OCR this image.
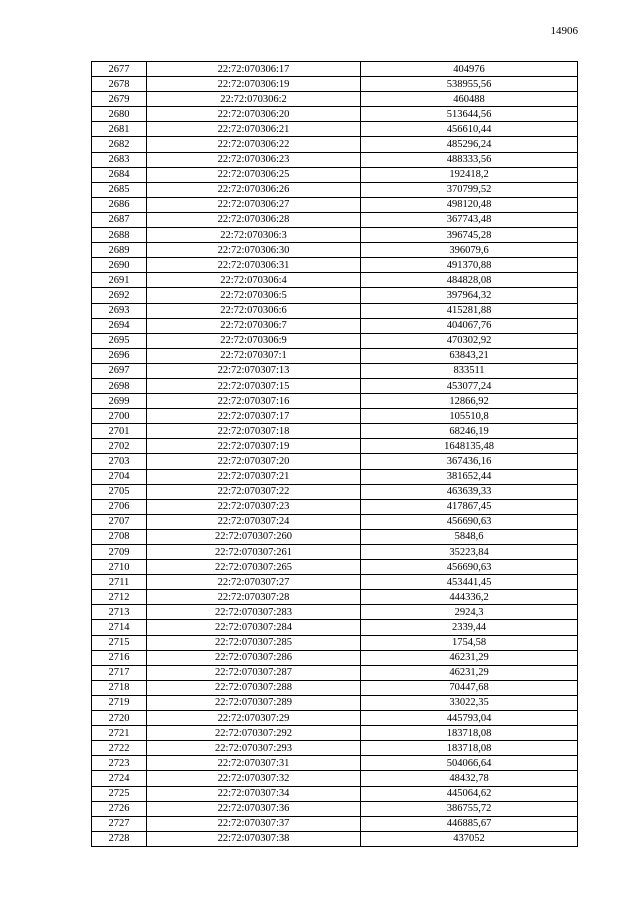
14906
2677	22:72:070306:17	404976
2678	22:72:070306:19	538955,56
2679	22:72:070306:2	460488
2680	22:72:070306:20	513644,56
2681	22:72:070306:21	456610,44
2682	22:72:070306:22	485296,24
2683	22:72:070306:23	488333,56
2684	22:72:070306:25	192418,2
2685	22:72:070306:26	370799,52
2686	22:72:070306:27	498120,48
2687	22:72:070306:28	367743,48
2688	22:72:070306:3	396745,28
2689	22:72:070306:30	396079,6
2690	22:72:070306:31	491370,88
2691	22:72:070306:4	484828,08
2692	22:72:070306:5	397964,32
2693	22:72:070306:6	415281,88
2694	22:72:070306:7	404067,76
2695	22:72:070306:9	470302,92
2696	22:72:070307:1	63843,21
2697	22:72:070307:13	833511
2698	22:72:070307:15	453077,24
2699	22:72:070307:16	12866,92
2700	22:72:070307:17	105510,8
2701	22:72:070307:18	68246,19
2702	22:72:070307:19	1648135,48
2703	22:72:070307:20	367436,16
2704	22:72:070307:21	381652,44
2705	22:72:070307:22	463639,33
2706	22:72:070307:23	417867,45
2707	22:72:070307:24	456690,63
2708	22:72:070307:260	5848,6
2709	22:72:070307:261	35223,84
2710	22:72:070307:265	456690,63
2711	22:72:070307:27	453441,45
2712	22:72:070307:28	444336,2
2713	22:72:070307:283	2924,3
2714	22:72:070307:284	2339,44
2715	22:72:070307:285	1754,58
2716	22:72:070307:286	46231,29
2717	22:72:070307:287	46231,29
2718	22:72:070307:288	70447,68
2719	22:72:070307:289	33022,35
2720	22:72:070307:29	445793,04
2721	22:72:070307:292	183718,08
2722	22:72:070307:293	183718,08
2723	22:72:070307:31	504066,64
2724	22:72:070307:32	48432,78
2725	22:72:070307:34	445064,62
2726	22:72:070307:36	386755,72
2727	22:72:070307:37	446885,67
2728	22:72:070307:38	437052
